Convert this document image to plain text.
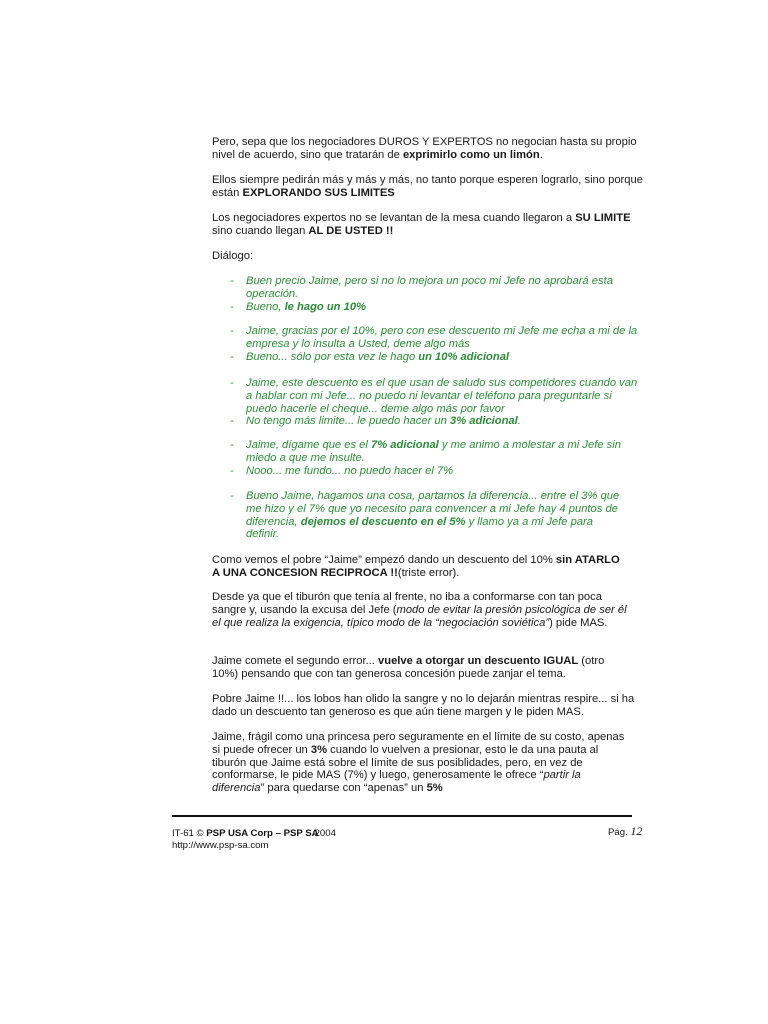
Pero, sepa que los negociadores DUROS Y EXPERTOS no negocian hasta su propio nivel de acuerdo, sino que tratarán de exprimirlo como un limón.

Ellos siempre pedirán más y más y más, no tanto porque esperen lograrlo, sino porque están EXPLORANDO SUS LIMITES

Los negociadores expertos no se levantan de la mesa cuando llegaron a SU LIMITE sino cuando llegan AL DE USTED !!

Diálogo:

- Buen precio Jaime, pero si no lo mejora un poco mi Jefe no aprobará esta operación.

- Bueno, le hago un 10%

- Jaime, gracias por el 10%, pero con ese descuento mi Jefe me echa a mi de la empresa y lo insulta a Usted, deme algo más

- Bueno... sólo por esta vez le hago un 10% adicional

- Jaime, este descuento es el que usan de saludo sus competidores cuando van a hablar con mi Jefe... no puedo ni levantar el teléfono para preguntarle si puedo hacerle el cheque... deme algo más por favor

- No tengo más limite... le puedo hacer un 3% adicional.

- Jaime, dígame que es el 7% adicional y me animo a molestar a mi Jefe sin miedo a que me insulte.

- Nooo... me fundo... no puedo hacer el 7%

- Bueno Jaime, hagamos una cosa, partamos la diferencia... entre el 3% que me hizo y el 7% que yo necesito para convencer a mi Jefe hay 4 puntos de diferencia, dejemos el descuento en el 5% y llamo ya a mi Jefe para definir.

Como vemos el pobre “Jaime” empezó dando un descuento del 10% sin ATARLO A UNA CONCESION RECIPROCA !!(triste error).

Desde ya que el tiburón que tenía al frente, no iba a conformarse con tan poca sangre y, usando la excusa del Jefe (modo de evitar la presión psicológica de ser él el que realiza la exigencia, típico modo de la “negociación soviética”) pide MAS.

Jaime comete el segundo error... vuelve a otorgar un descuento IGUAL (otro 10%) pensando que con tan generosa concesión puede zanjar el tema.

Pobre Jaime !!... los lobos han olido la sangre y no lo dejarán mientras respire... si ha dado un descuento tan generoso es que aún tiene margen y le piden MAS.

Jaime, frágil como una princesa pero seguramente en el límite de su costo, apenas si puede ofrecer un 3% cuando lo vuelven a presionar, esto le da una pauta al tiburón que Jaime está sobre el límite de sus posiblidades, pero, en vez de conformarse, le pide MAS (7%) y luego, generosamente le ofrece “partir la diferencia” para quedarse con “apenas” un 5%

IT-61 © PSP USA Corp – PSP SA2004
http://www.psp-sa.com
Pág. 12
